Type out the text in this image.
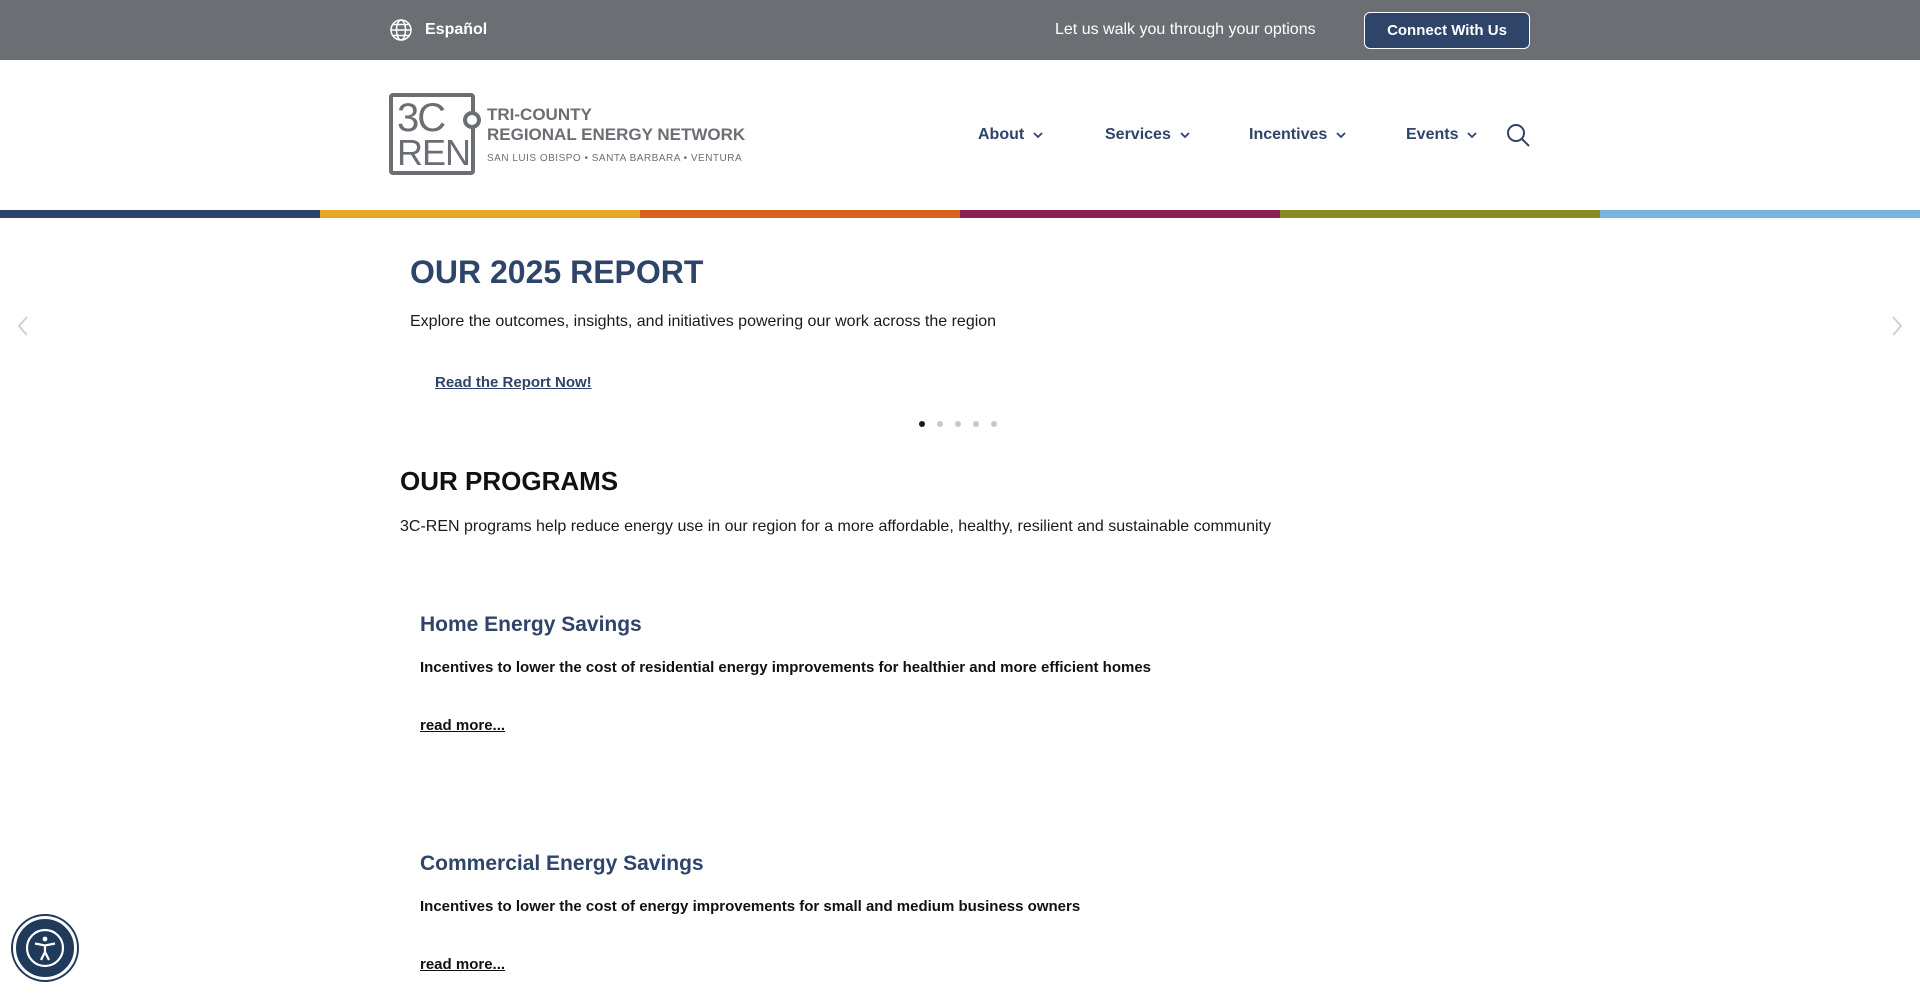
Español	Let us walk you through your options	Connect With Us
3C
REN
TRI-COUNTY
REGIONAL ENERGY NETWORK
SAN LUIS OBISPO • SANTA BARBARA • VENTURA
About	Services	Incentives	Events
OUR 2025 REPORT
Explore the outcomes, insights, and initiatives powering our work across the region
Read the Report Now!
OUR PROGRAMS
3C-REN programs help reduce energy use in our region for a more affordable, healthy, resilient and sustainable community
Home Energy Savings
Incentives to lower the cost of residential energy improvements for healthier and more efficient homes
read more...
Commercial Energy Savings
Incentives to lower the cost of energy improvements for small and medium business owners
read more...
